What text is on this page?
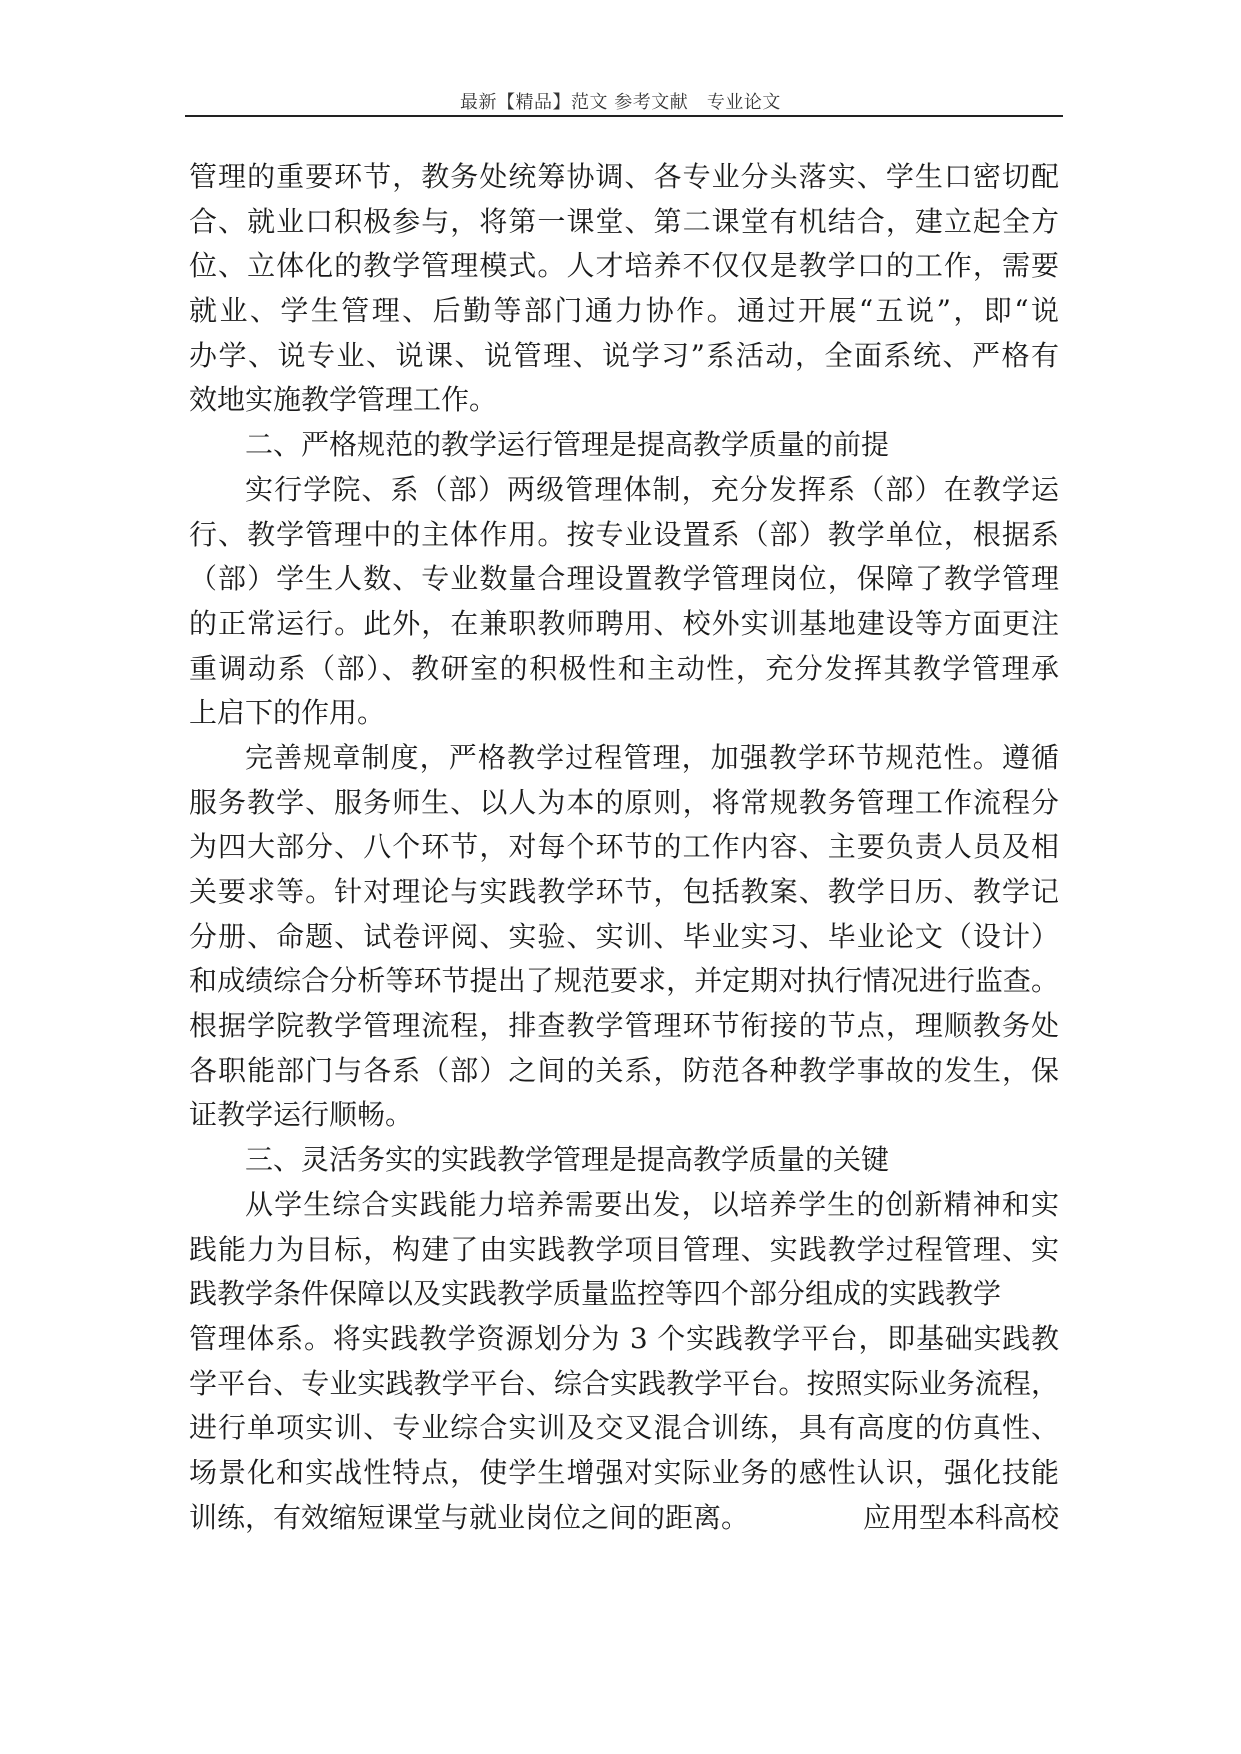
最新【精品】范文 参考文献   专业论文
管理的重要环节，教务处统筹协调、各专业分头落实、学生口密切配
合、就业口积极参与，将第一课堂、第二课堂有机结合，建立起全方
位、立体化的教学管理模式。人才培养不仅仅是教学口的工作，需要
就业、学生管理、后勤等部门通力协作。通过开展“五说”，即“说
办学、说专业、说课、说管理、说学习”系活动，全面系统、严格有
效地实施教学管理工作。
二、严格规范的教学运行管理是提高教学质量的前提
实行学院、系（部）两级管理体制，充分发挥系（部）在教学运
行、教学管理中的主体作用。按专业设置系（部）教学单位，根据系
（部）学生人数、专业数量合理设置教学管理岗位，保障了教学管理
的正常运行。此外，在兼职教师聘用、校外实训基地建设等方面更注
重调动系（部）、教研室的积极性和主动性，充分发挥其教学管理承
上启下的作用。
完善规章制度，严格教学过程管理，加强教学环节规范性。遵循
服务教学、服务师生、以人为本的原则，将常规教务管理工作流程分
为四大部分、八个环节，对每个环节的工作内容、主要负责人员及相
关要求等。针对理论与实践教学环节，包括教案、教学日历、教学记
分册、命题、试卷评阅、实验、实训、毕业实习、毕业论文（设计）
和成绩综合分析等环节提出了规范要求，并定期对执行情况进行监查。
根据学院教学管理流程，排查教学管理环节衔接的节点，理顺教务处
各职能部门与各系（部）之间的关系，防范各种教学事故的发生，保
证教学运行顺畅。
三、灵活务实的实践教学管理是提高教学质量的关键
从学生综合实践能力培养需要出发，以培养学生的创新精神和实
践能力为目标，构建了由实践教学项目管理、实践教学过程管理、实
践教学条件保障以及实践教学质量监控等四个部分组成的实践教学
管理体系。将实践教学资源划分为 3 个实践教学平台，即基础实践教
学平台、专业实践教学平台、综合实践教学平台。按照实际业务流程，
进行单项实训、专业综合实训及交叉混合训练，具有高度的仿真性、
场景化和实战性特点，使学生增强对实际业务的感性认识，强化技能
训练，有效缩短课堂与就业岗位之间的距离。	应用型本科高校
